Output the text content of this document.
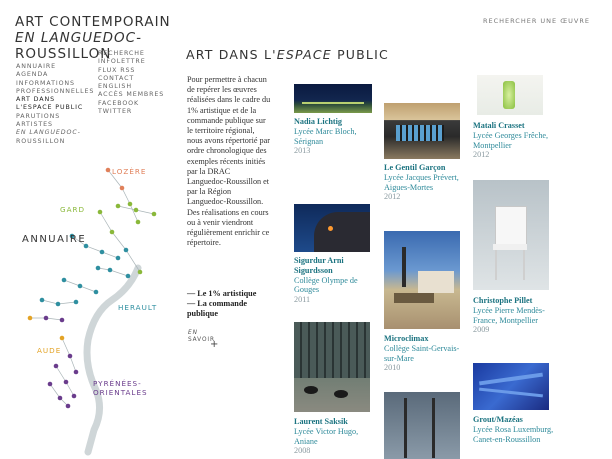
ART CONTEMPORAIN
EN LANGUEDOC-
ROUSSILLON
RECHERCHER UNE ŒUVRE
ANNUAIRE
AGENDA
INFORMATIONS
PROFESSIONNELLES
ART DANS
L'ESPACE PUBLIC
PARUTIONS
ARTISTES
EN LANGUEDOC-
ROUSSILLON
RECHERCHE
INFOLETTRE
FLUX RSS
CONTACT
ENGLISH
ACCÈS MEMBRES
FACEBOOK
TWITTER
ANNUAIRE
LOZÈRE
GARD
HERAULT
AUDE
PYRÉNÉES-
ORIENTALES
ART DANS L'ESPACE PUBLIC
Pour permettre à chacun de repérer les œuvres réalisées dans le cadre du 1% artistique et de la commande publique sur le territoire régional, nous avons répertorié par ordre chronologique des exemples récents initiés par la DRAC Languedoc-Roussillon et par la Région Languedoc-Roussillon. Des réalisations en cours ou à venir viendront régulièrement enrichir ce répertoire.
— Le 1% artistique
— La commande publique
EN
SAVOIR
+
Nadia Lichtig
Lycée Marc Bloch, Sérignan
2013
Le Gentil Garçon
Lycée Jacques Prévert, Aigues-Mortes
2012
Matali Crasset
Lycée Georges Frêche, Montpellier
2012
Sigurdur Arni Sigurdsson
Collège Olympe de Gouges
2011
Microclimax
Collège Saint-Gervais-sur-Mare
2010
Christophe Pillet
Lycée Pierre Mendès-France, Montpellier
2009
Laurent Saksik
Lycée Victor Hugo, Aniane
2008
Grout/Mazéas
Lycée Rosa Luxemburg, Canet-en-Roussillon
